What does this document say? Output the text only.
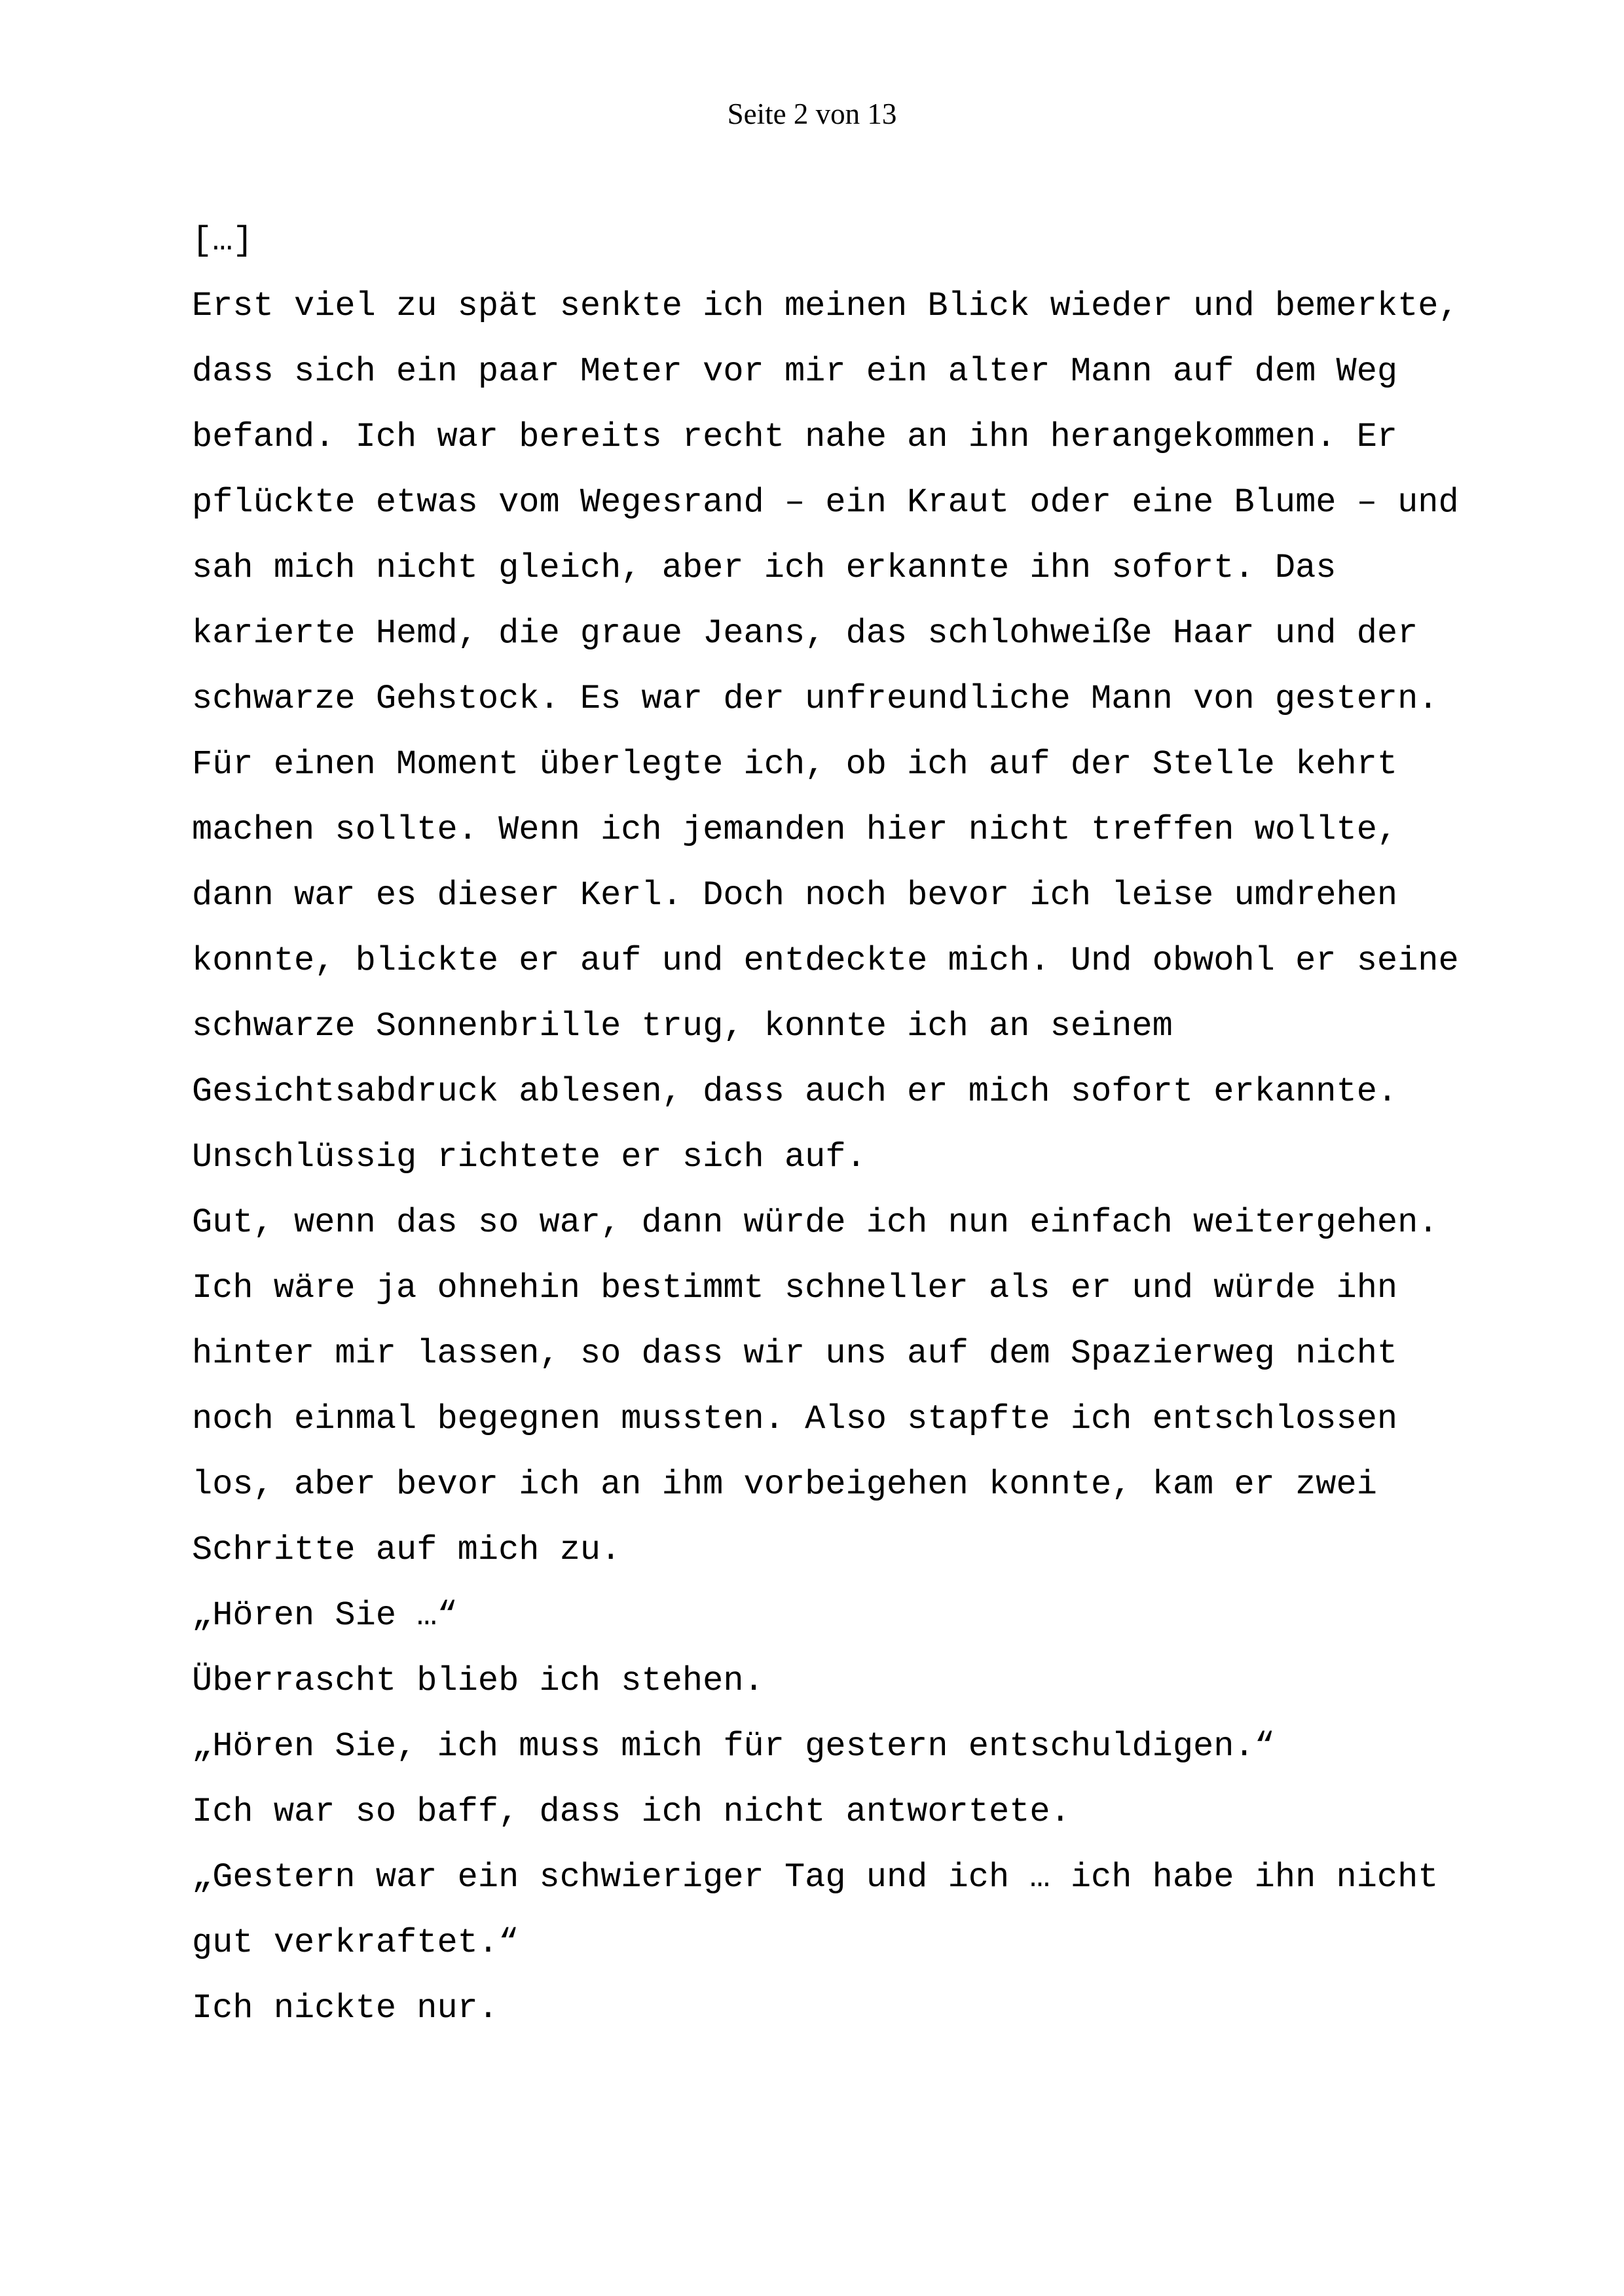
Seite 2 von 13
[…]
Erst viel zu spät senkte ich meinen Blick wieder und bemerkte,
dass sich ein paar Meter vor mir ein alter Mann auf dem Weg
befand. Ich war bereits recht nahe an ihn herangekommen. Er
pflückte etwas vom Wegesrand – ein Kraut oder eine Blume – und
sah mich nicht gleich, aber ich erkannte ihn sofort. Das
karierte Hemd, die graue Jeans, das schlohweiße Haar und der
schwarze Gehstock. Es war der unfreundliche Mann von gestern.
Für einen Moment überlegte ich, ob ich auf der Stelle kehrt
machen sollte. Wenn ich jemanden hier nicht treffen wollte,
dann war es dieser Kerl. Doch noch bevor ich leise umdrehen
konnte, blickte er auf und entdeckte mich. Und obwohl er seine
schwarze Sonnenbrille trug, konnte ich an seinem
Gesichtsabdruck ablesen, dass auch er mich sofort erkannte.
Unschlüssig richtete er sich auf.
Gut, wenn das so war, dann würde ich nun einfach weitergehen.
Ich wäre ja ohnehin bestimmt schneller als er und würde ihn
hinter mir lassen, so dass wir uns auf dem Spazierweg nicht
noch einmal begegnen mussten. Also stapfte ich entschlossen
los, aber bevor ich an ihm vorbeigehen konnte, kam er zwei
Schritte auf mich zu.
„Hören Sie …“
Überrascht blieb ich stehen.
„Hören Sie, ich muss mich für gestern entschuldigen.“
Ich war so baff, dass ich nicht antwortete.
„Gestern war ein schwieriger Tag und ich … ich habe ihn nicht
gut verkraftet.“
Ich nickte nur.
